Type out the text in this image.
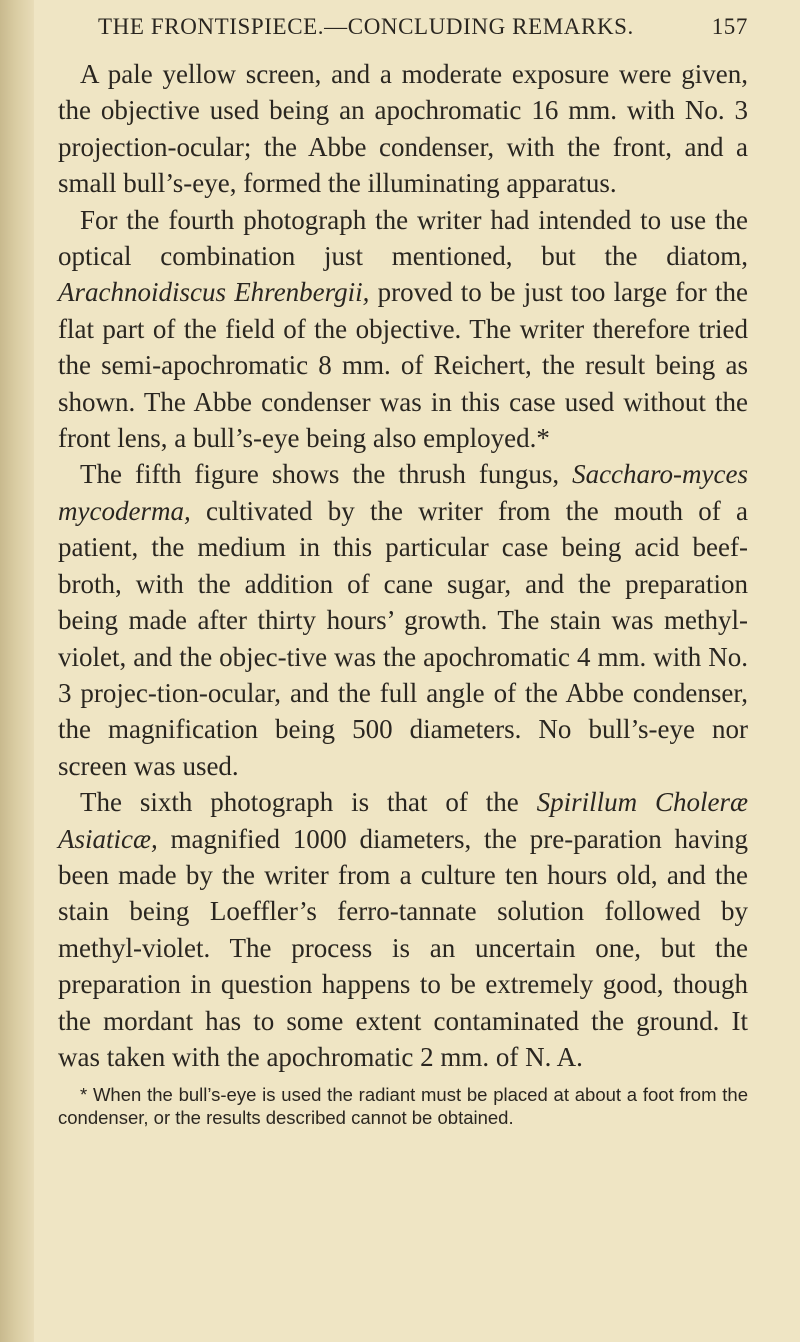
THE FRONTISPIECE.—CONCLUDING REMARKS.	157

A pale yellow screen, and a moderate exposure were given, the objective used being an apochromatic 16 mm. with No. 3 projection-ocular; the Abbe condenser, with the front, and a small bull’s-eye, formed the illuminating apparatus.

For the fourth photograph the writer had intended to use the optical combination just mentioned, but the diatom, Arachnoidiscus Ehrenbergii, proved to be just too large for the flat part of the field of the objective. The writer therefore tried the semi-apochromatic 8 mm. of Reichert, the result being as shown. The Abbe condenser was in this case used without the front lens, a bull’s-eye being also employed.*

The fifth figure shows the thrush fungus, Saccharo-myces mycoderma, cultivated by the writer from the mouth of a patient, the medium in this particular case being acid beef-broth, with the addition of cane sugar, and the preparation being made after thirty hours’ growth. The stain was methyl-violet, and the objec-tive was the apochromatic 4 mm. with No. 3 projec-tion-ocular, and the full angle of the Abbe condenser, the magnification being 500 diameters. No bull’s-eye nor screen was used.

The sixth photograph is that of the Spirillum Choleræ Asiaticæ, magnified 1000 diameters, the pre-paration having been made by the writer from a culture ten hours old, and the stain being Loeffler’s ferro-tannate solution followed by methyl-violet. The process is an uncertain one, but the preparation in question happens to be extremely good, though the mordant has to some extent contaminated the ground. It was taken with the apochromatic 2 mm. of N. A.

* When the bull’s-eye is used the radiant must be placed at about a foot from the condenser, or the results described cannot be obtained.
